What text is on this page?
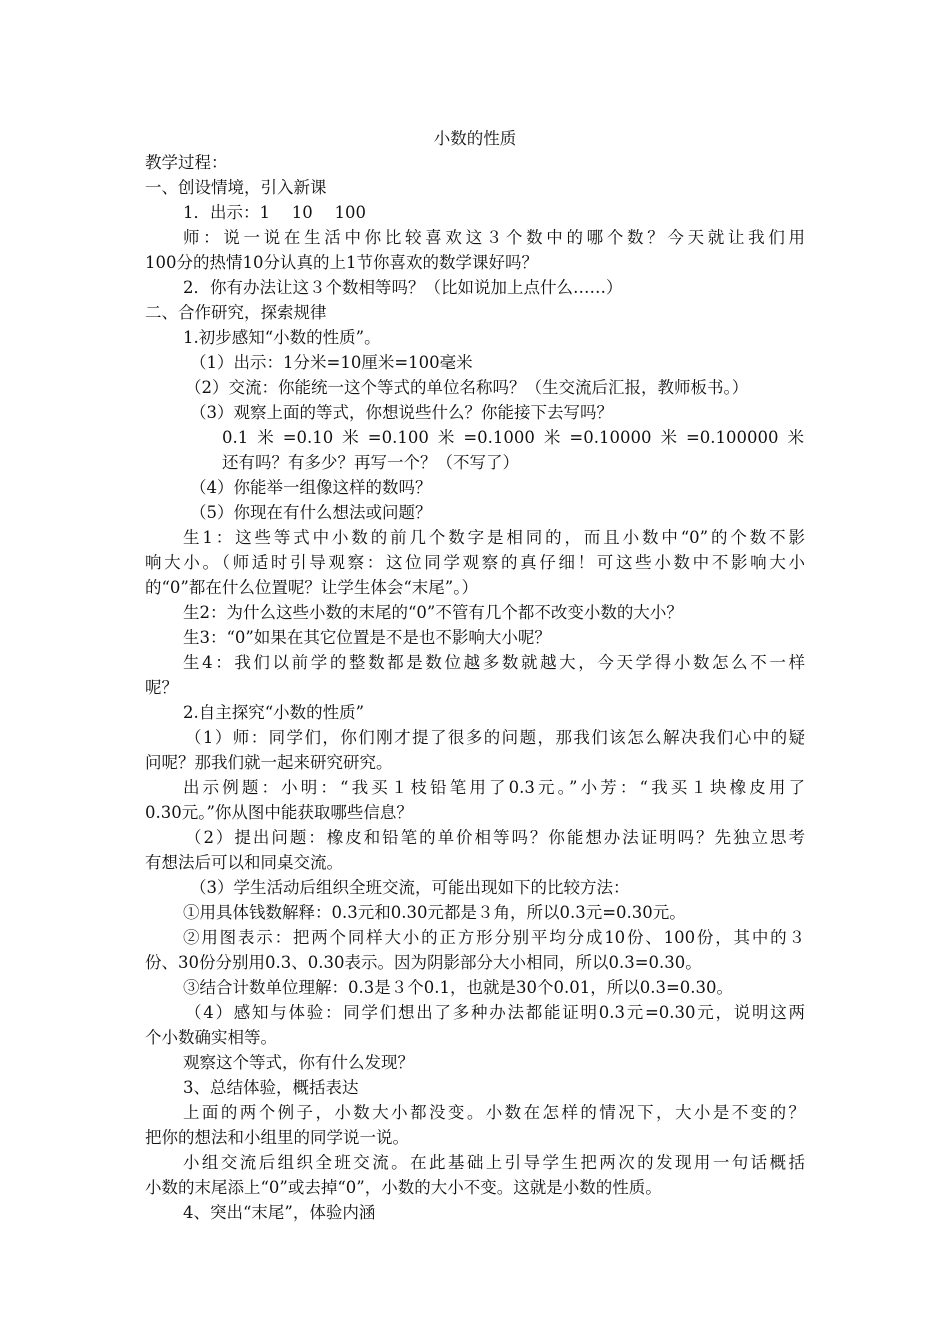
小数的性质
教学过程：
一、创设情境，引入新课
1．出示：1　 10　 100
师：说一说在生活中你比较喜欢这３个数中的哪个数？今天就让我们用
100分的热情10分认真的上1节你喜欢的数学课好吗？
2．你有办法让这３个数相等吗？（比如说加上点什么……）
二、合作研究，探索规律
1.初步感知“小数的性质”。
（1）出示：1分米=10厘米=100毫米
（2）交流：你能统一这个等式的单位名称吗？（生交流后汇报，教师板书。）
（3）观察上面的等式，你想说些什么？你能接下去写吗？
0.1米=0.10米=0.100米=0.1000米=0.10000米=0.100000米
还有吗？有多少？再写一个？（不写了）
（4）你能举一组像这样的数吗？
（5）你现在有什么想法或问题？
生1：这些等式中小数的前几个数字是相同的，而且小数中“0”的个数不影
响大小。（师适时引导观察：这位同学观察的真仔细！可这些小数中不影响大小
的“0”都在什么位置呢？让学生体会“末尾”。）
生2：为什么这些小数的末尾的“0”不管有几个都不改变小数的大小？
生3：“0”如果在其它位置是不是也不影响大小呢？
生4：我们以前学的整数都是数位越多数就越大，今天学得小数怎么不一样
呢？
2.自主探究“小数的性质”
（1）师：同学们，你们刚才提了很多的问题，那我们该怎么解决我们心中的疑
问呢？那我们就一起来研究研究。
出示例题：小明：“我买１枝铅笔用了0.3元。”小芳：“我买１块橡皮用了
0.30元。”你从图中能获取哪些信息？
（2）提出问题：橡皮和铅笔的单价相等吗？你能想办法证明吗？先独立思考
有想法后可以和同桌交流。
（3）学生活动后组织全班交流，可能出现如下的比较方法：
①用具体钱数解释：0.3元和0.30元都是３角，所以0.3元=0.30元。
②用图表示：把两个同样大小的正方形分别平均分成10份、100份，其中的３
份、30份分别用0.3、0.30表示。因为阴影部分大小相同，所以0.3=0.30。
③结合计数单位理解：0.3是３个0.1，也就是30个0.01，所以0.3=0.30。
（4）感知与体验：同学们想出了多种办法都能证明0.3元=0.30元，说明这两
个小数确实相等。
观察这个等式，你有什么发现？
3、总结体验，概括表达
上面的两个例子，小数大小都没变。小数在怎样的情况下，大小是不变的？
把你的想法和小组里的同学说一说。
小组交流后组织全班交流。在此基础上引导学生把两次的发现用一句话概括
小数的末尾添上“0”或去掉“0”，小数的大小不变。这就是小数的性质。
4、突出“末尾”，体验内涵
